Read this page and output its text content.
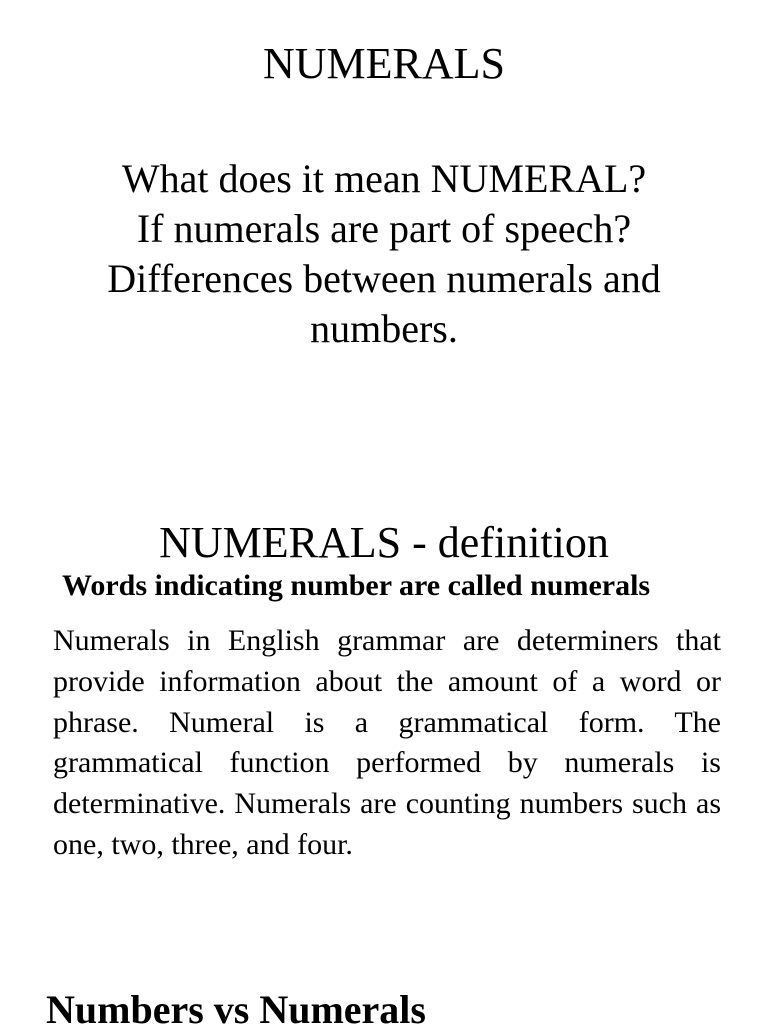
NUMERALS
What does it mean NUMERAL?
If numerals are part of speech?
Differences between numerals and
numbers.
NUMERALS - definition

Words indicating number are called numerals

Numerals in English grammar are determiners that provide information about the amount of a word or phrase. Numeral is a grammatical form. The grammatical function performed by numerals is determinative. Numerals are counting numbers such as one, two, three, and four.

Numbers vs Numerals
